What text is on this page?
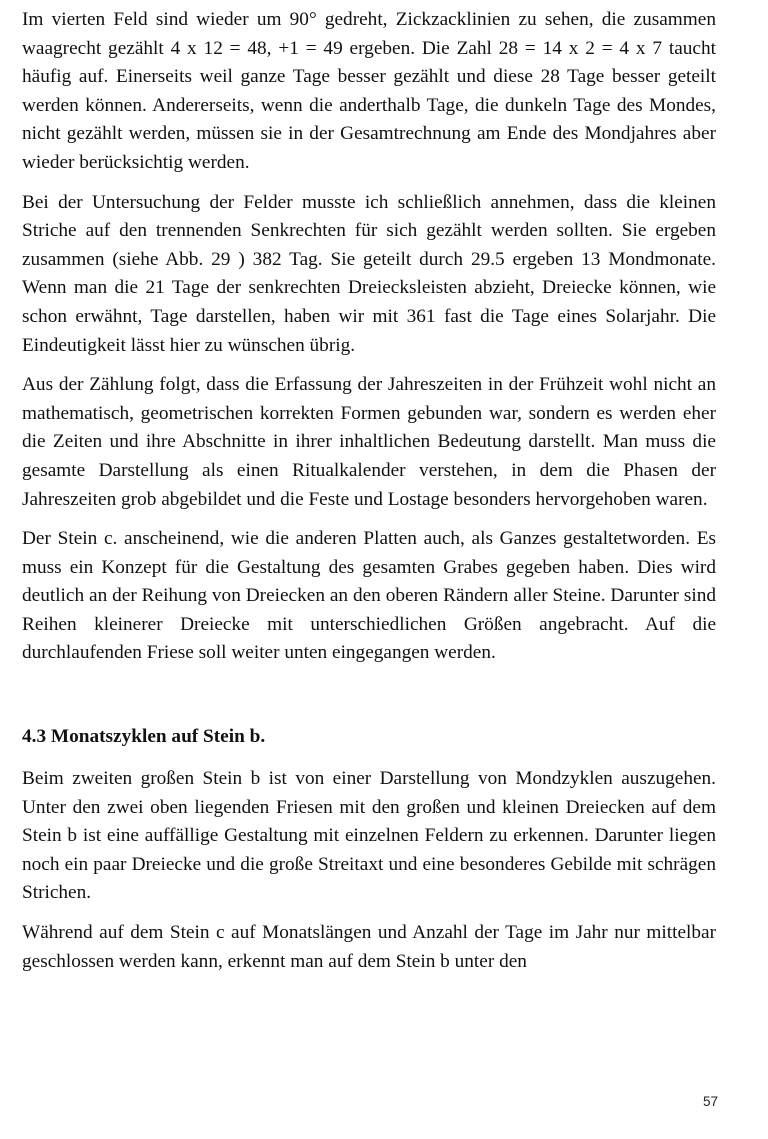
Im vierten Feld sind wieder um 90° gedreht, Zickzacklinien zu sehen, die zusammen waagrecht gezählt 4 x 12 = 48, +1 = 49 ergeben. Die Zahl 28 = 14 x 2 = 4 x 7 taucht häufig auf. Einerseits weil ganze Tage besser gezählt und diese 28 Tage besser geteilt werden können. Andererseits, wenn die anderthalb Tage, die dunkeln Tage des Mondes, nicht gezählt werden, müssen sie in der Gesamtrechnung am Ende des Mondjahres aber wieder berücksichtig werden.

Bei der Untersuchung der Felder musste ich schließlich annehmen, dass die kleinen Striche auf den trennenden Senkrechten für sich gezählt werden sollten. Sie ergeben zusammen (siehe Abb. 29 ) 382 Tag. Sie geteilt durch 29.5 ergeben 13 Mondmonate. Wenn man die 21 Tage der senkrechten Dreiecksleisten abzieht, Dreiecke können, wie schon erwähnt, Tage darstellen, haben wir mit 361 fast die Tage eines Solarjahr. Die Eindeutigkeit lässt hier zu wünschen übrig.

Aus der Zählung folgt, dass die Erfassung der Jahreszeiten in der Frühzeit wohl nicht an mathematisch, geometrischen korrekten Formen gebunden war, sondern es werden eher die Zeiten und ihre Abschnitte in ihrer inhaltlichen Bedeutung darstellt. Man muss die gesamte Darstellung als einen Ritualkalender verstehen, in dem die Phasen der Jahreszeiten grob abgebildet und die Feste und Lostage besonders hervorgehoben waren.

Der Stein c. anscheinend, wie die anderen Platten auch, als Ganzes gestaltetworden. Es muss ein Konzept für die Gestaltung des gesamten Grabes gegeben haben. Dies wird deutlich an der Reihung von Dreiecken an den oberen Rändern aller Steine. Darunter sind Reihen kleinerer Dreiecke mit unterschiedlichen Größen angebracht. Auf die durchlaufenden Friese soll weiter unten eingegangen werden.

4.3 Monatszyklen auf Stein b.

Beim zweiten großen Stein b ist von einer Darstellung von Mondzyklen auszugehen. Unter den zwei oben liegenden Friesen mit den großen und kleinen Dreiecken auf dem Stein b ist eine auffällige Gestaltung mit einzelnen Feldern zu erkennen. Darunter liegen noch ein paar Dreiecke und die große Streitaxt und eine besonderes Gebilde mit schrägen Strichen.

Während auf dem Stein c auf Monatslängen und Anzahl der Tage im Jahr nur mittelbar geschlossen werden kann, erkennt man auf dem Stein b unter den

57
